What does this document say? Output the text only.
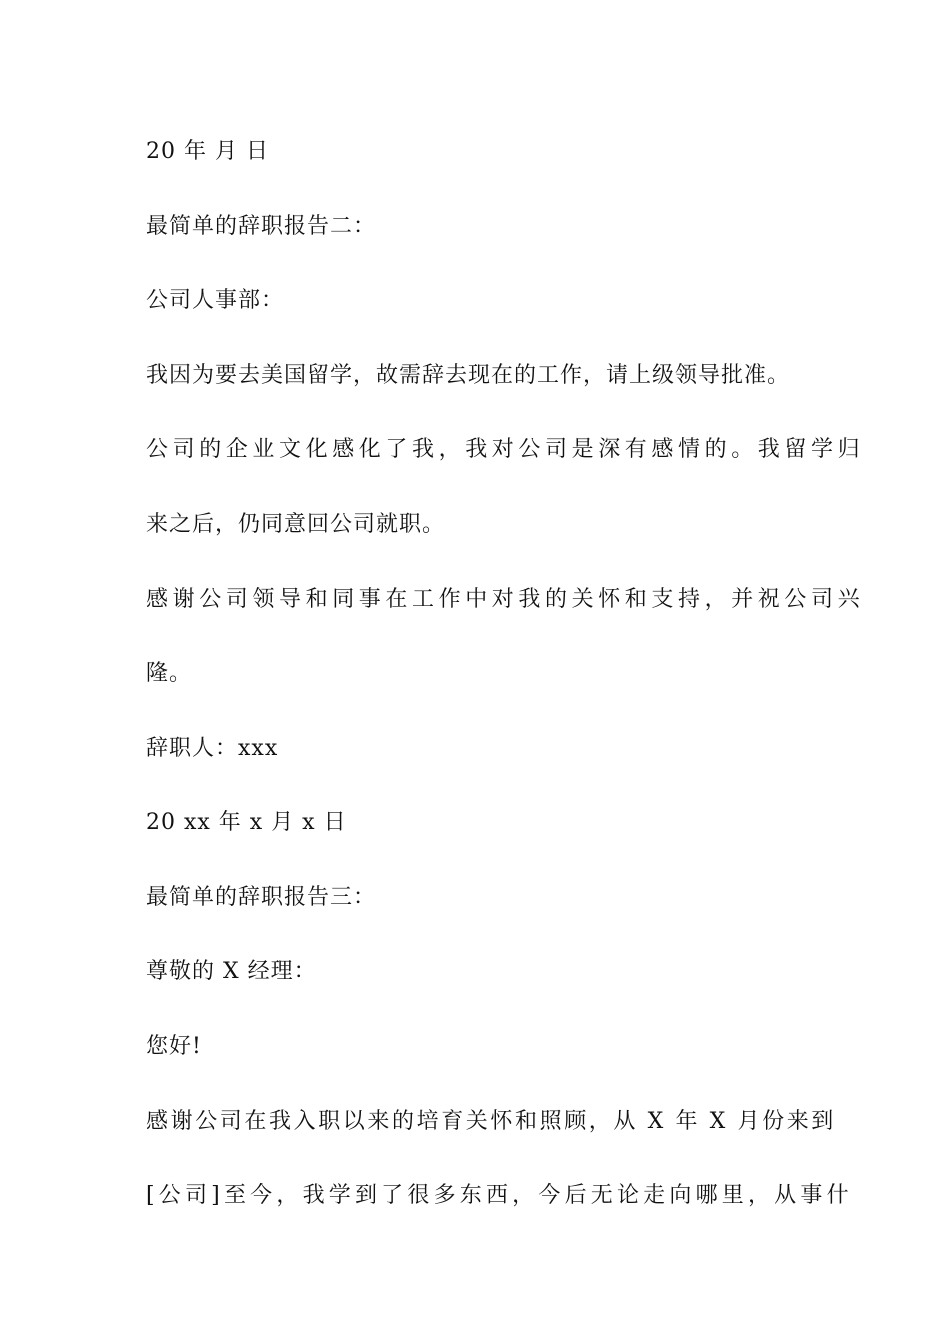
20 年 月 日
最简单的辞职报告二：
公司人事部：
我因为要去美国留学，故需辞去现在的工作，请上级领导批准。
公司的企业文化感化了我，我对公司是深有感情的。我留学归
来之后，仍同意回公司就职。
感谢公司领导和同事在工作中对我的关怀和支持，并祝公司兴
隆。
辞职人：xxx
20 xx 年 x 月 x 日
最简单的辞职报告三：
尊敬的 X 经理：
您好!
感谢公司在我入职以来的培育关怀和照顾，从 X 年 X 月份来到
[公司]至今，我学到了很多东西，今后无论走向哪里，从事什
